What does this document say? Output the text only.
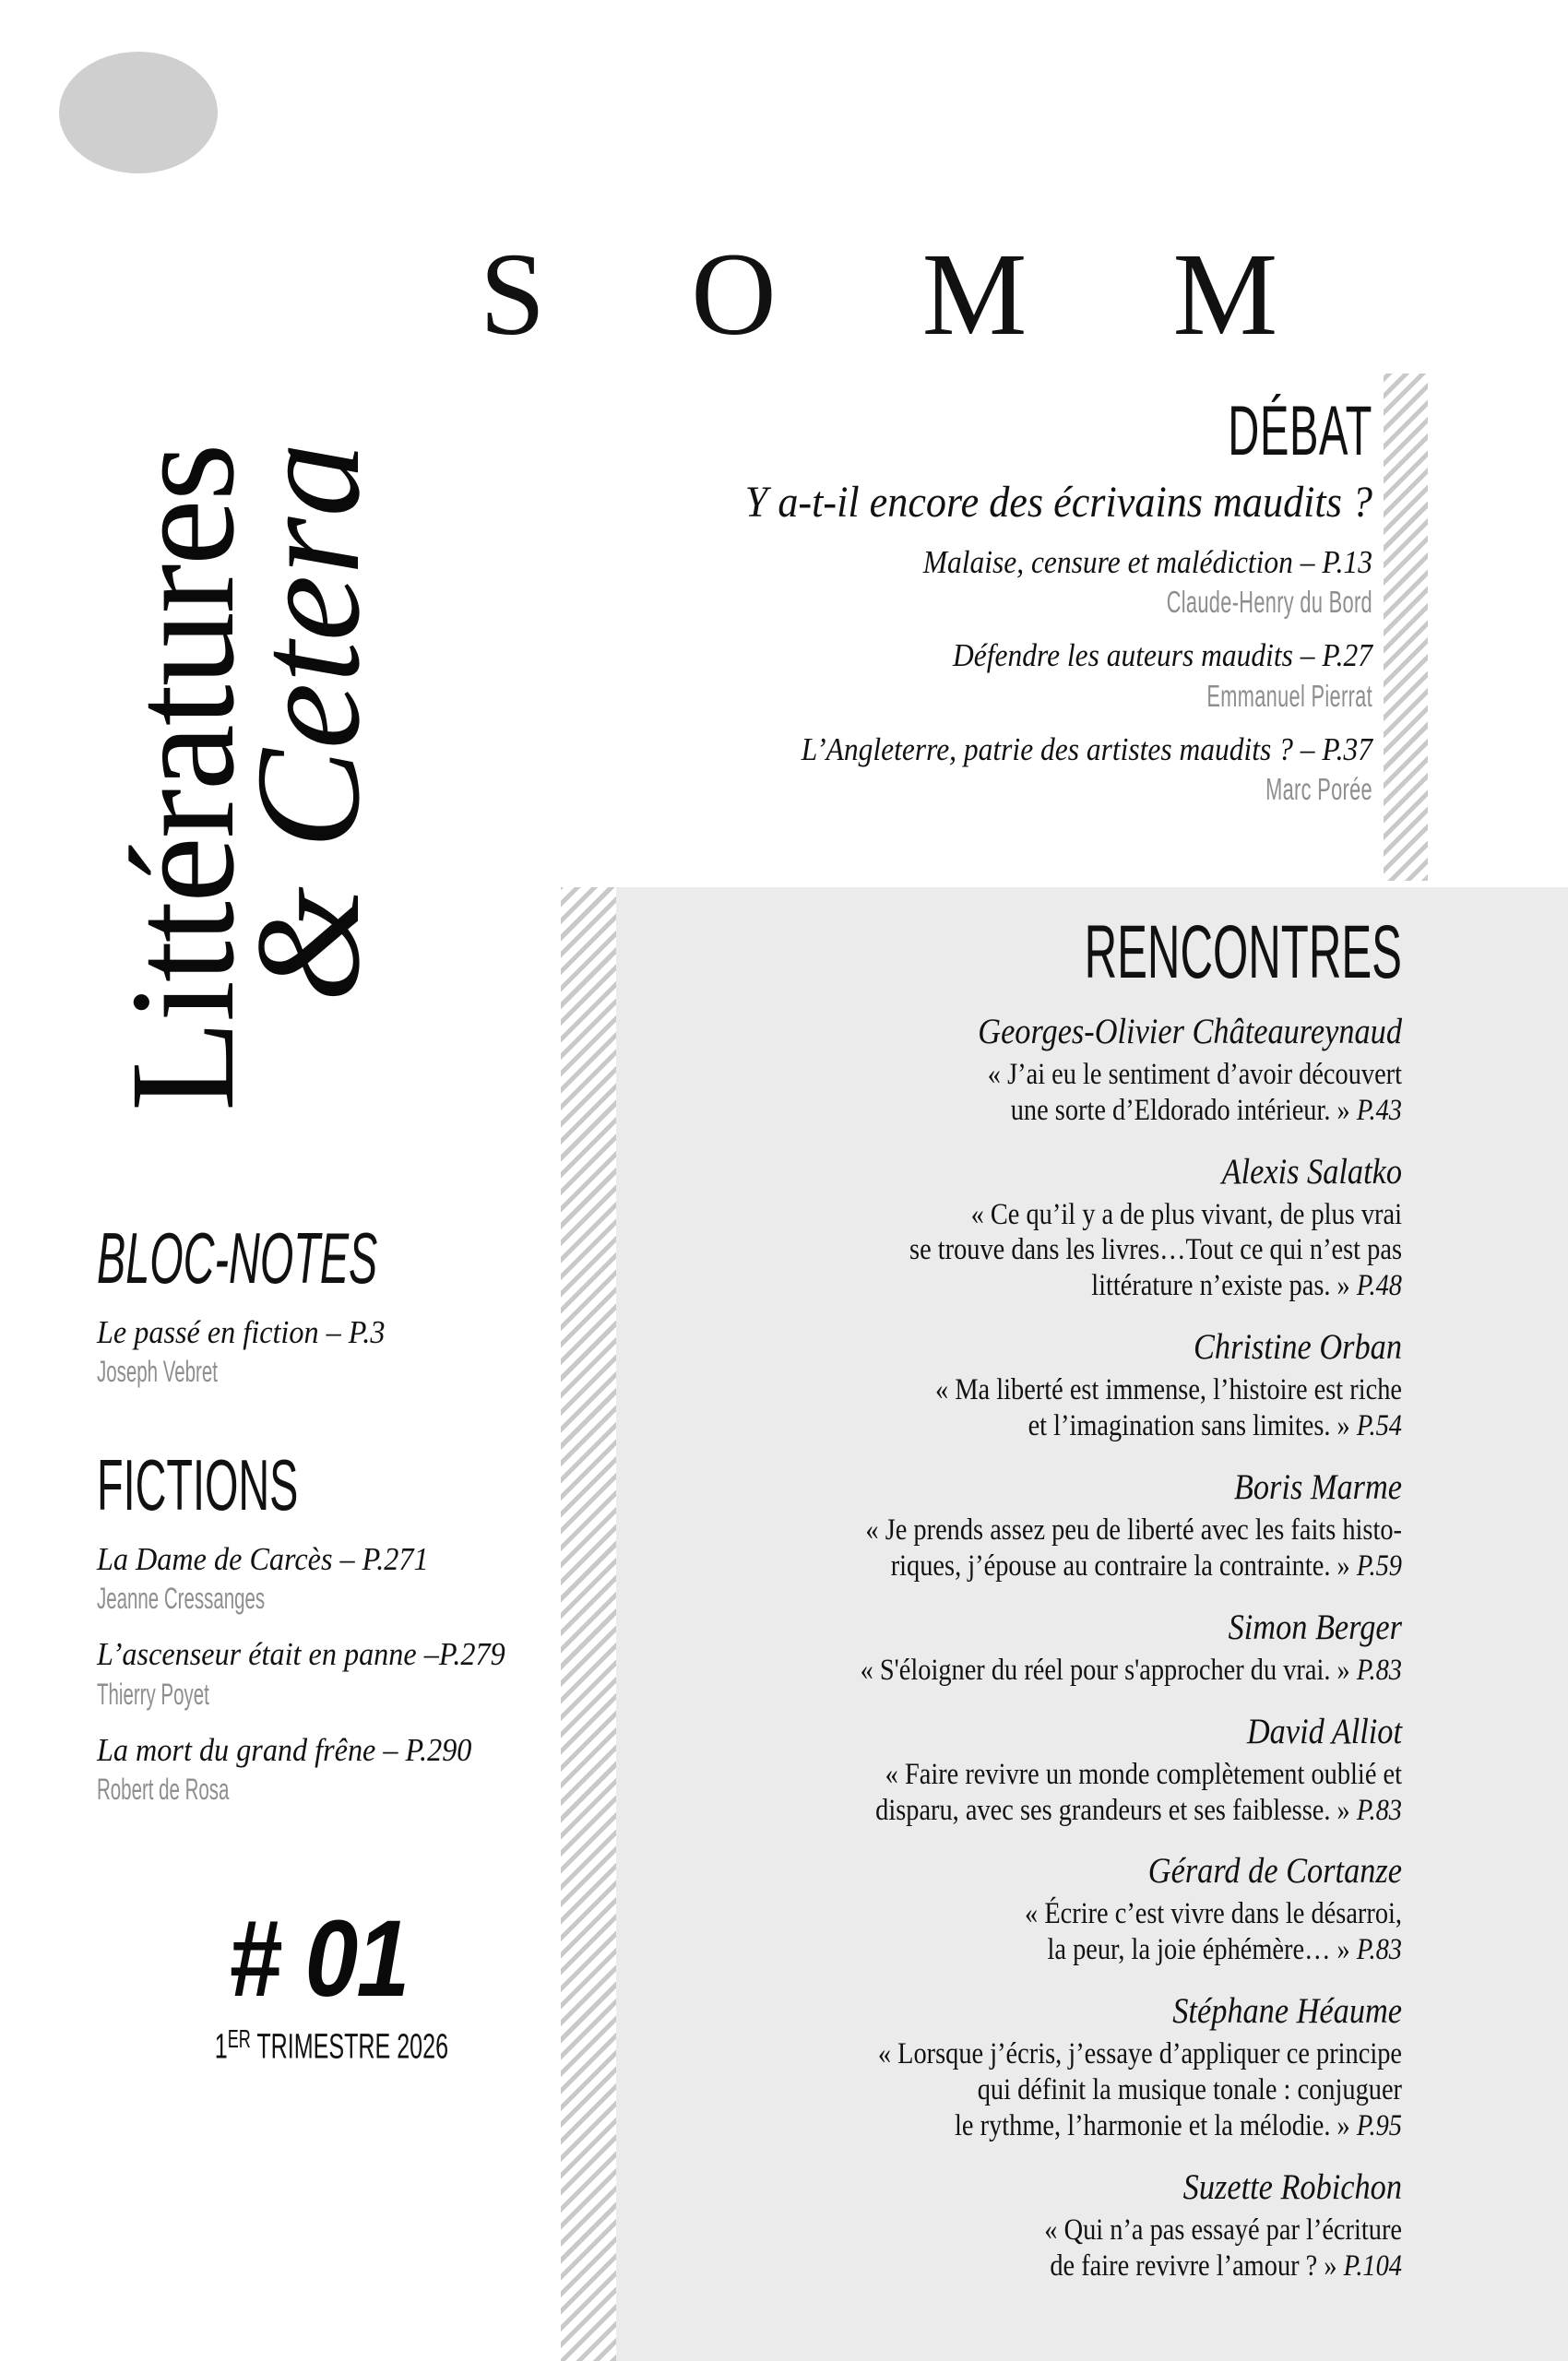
Littératures
& Cetera
SOMM
DÉBAT
Y a-t-il encore des écrivains maudits ?
Malaise, censure et malédiction – P.13
Claude-Henry du Bord
Défendre les auteurs maudits – P.27
Emmanuel Pierrat
L’Angleterre, patrie des artistes maudits ? – P.37
Marc Porée
RENCONTRES
Georges-Olivier Châteaureynaud
« J’ai eu le sentiment d’avoir découvert
une sorte d’Eldorado intérieur. » P.43
Alexis Salatko
« Ce qu’il y a de plus vivant, de plus vrai
se trouve dans les livres…Tout ce qui n’est pas
littérature n’existe pas. » P.48
Christine Orban
« Ma liberté est immense, l’histoire est riche
et l’imagination sans limites. » P.54
Boris Marme
« Je prends assez peu de liberté avec les faits histo-
riques, j’épouse au contraire la contrainte. » P.59
Simon Berger
« S'éloigner du réel pour s'approcher du vrai. » P.83
David Alliot
« Faire revivre un monde complètement oublié et
disparu, avec ses grandeurs et ses faiblesse. » P.83
Gérard de Cortanze
« Écrire c’est vivre dans le désarroi,
la peur, la joie éphémère… » P.83
Stéphane Héaume
« Lorsque j’écris, j’essaye d’appliquer ce principe
qui définit la musique tonale : conjuguer
le rythme, l’harmonie et la mélodie. » P.95
Suzette Robichon
« Qui n’a pas essayé par l’écriture
de faire revivre l’amour ? » P.104
BLOC-NOTES
Le passé en fiction – P.3
Joseph Vebret
FICTIONS
La Dame de Carcès – P.271
Jeanne Cressanges
L’ascenseur était en panne –P.279
Thierry Poyet
La mort du grand frêne – P.290
Robert de Rosa
# 01
1ER TRIMESTRE 2026
